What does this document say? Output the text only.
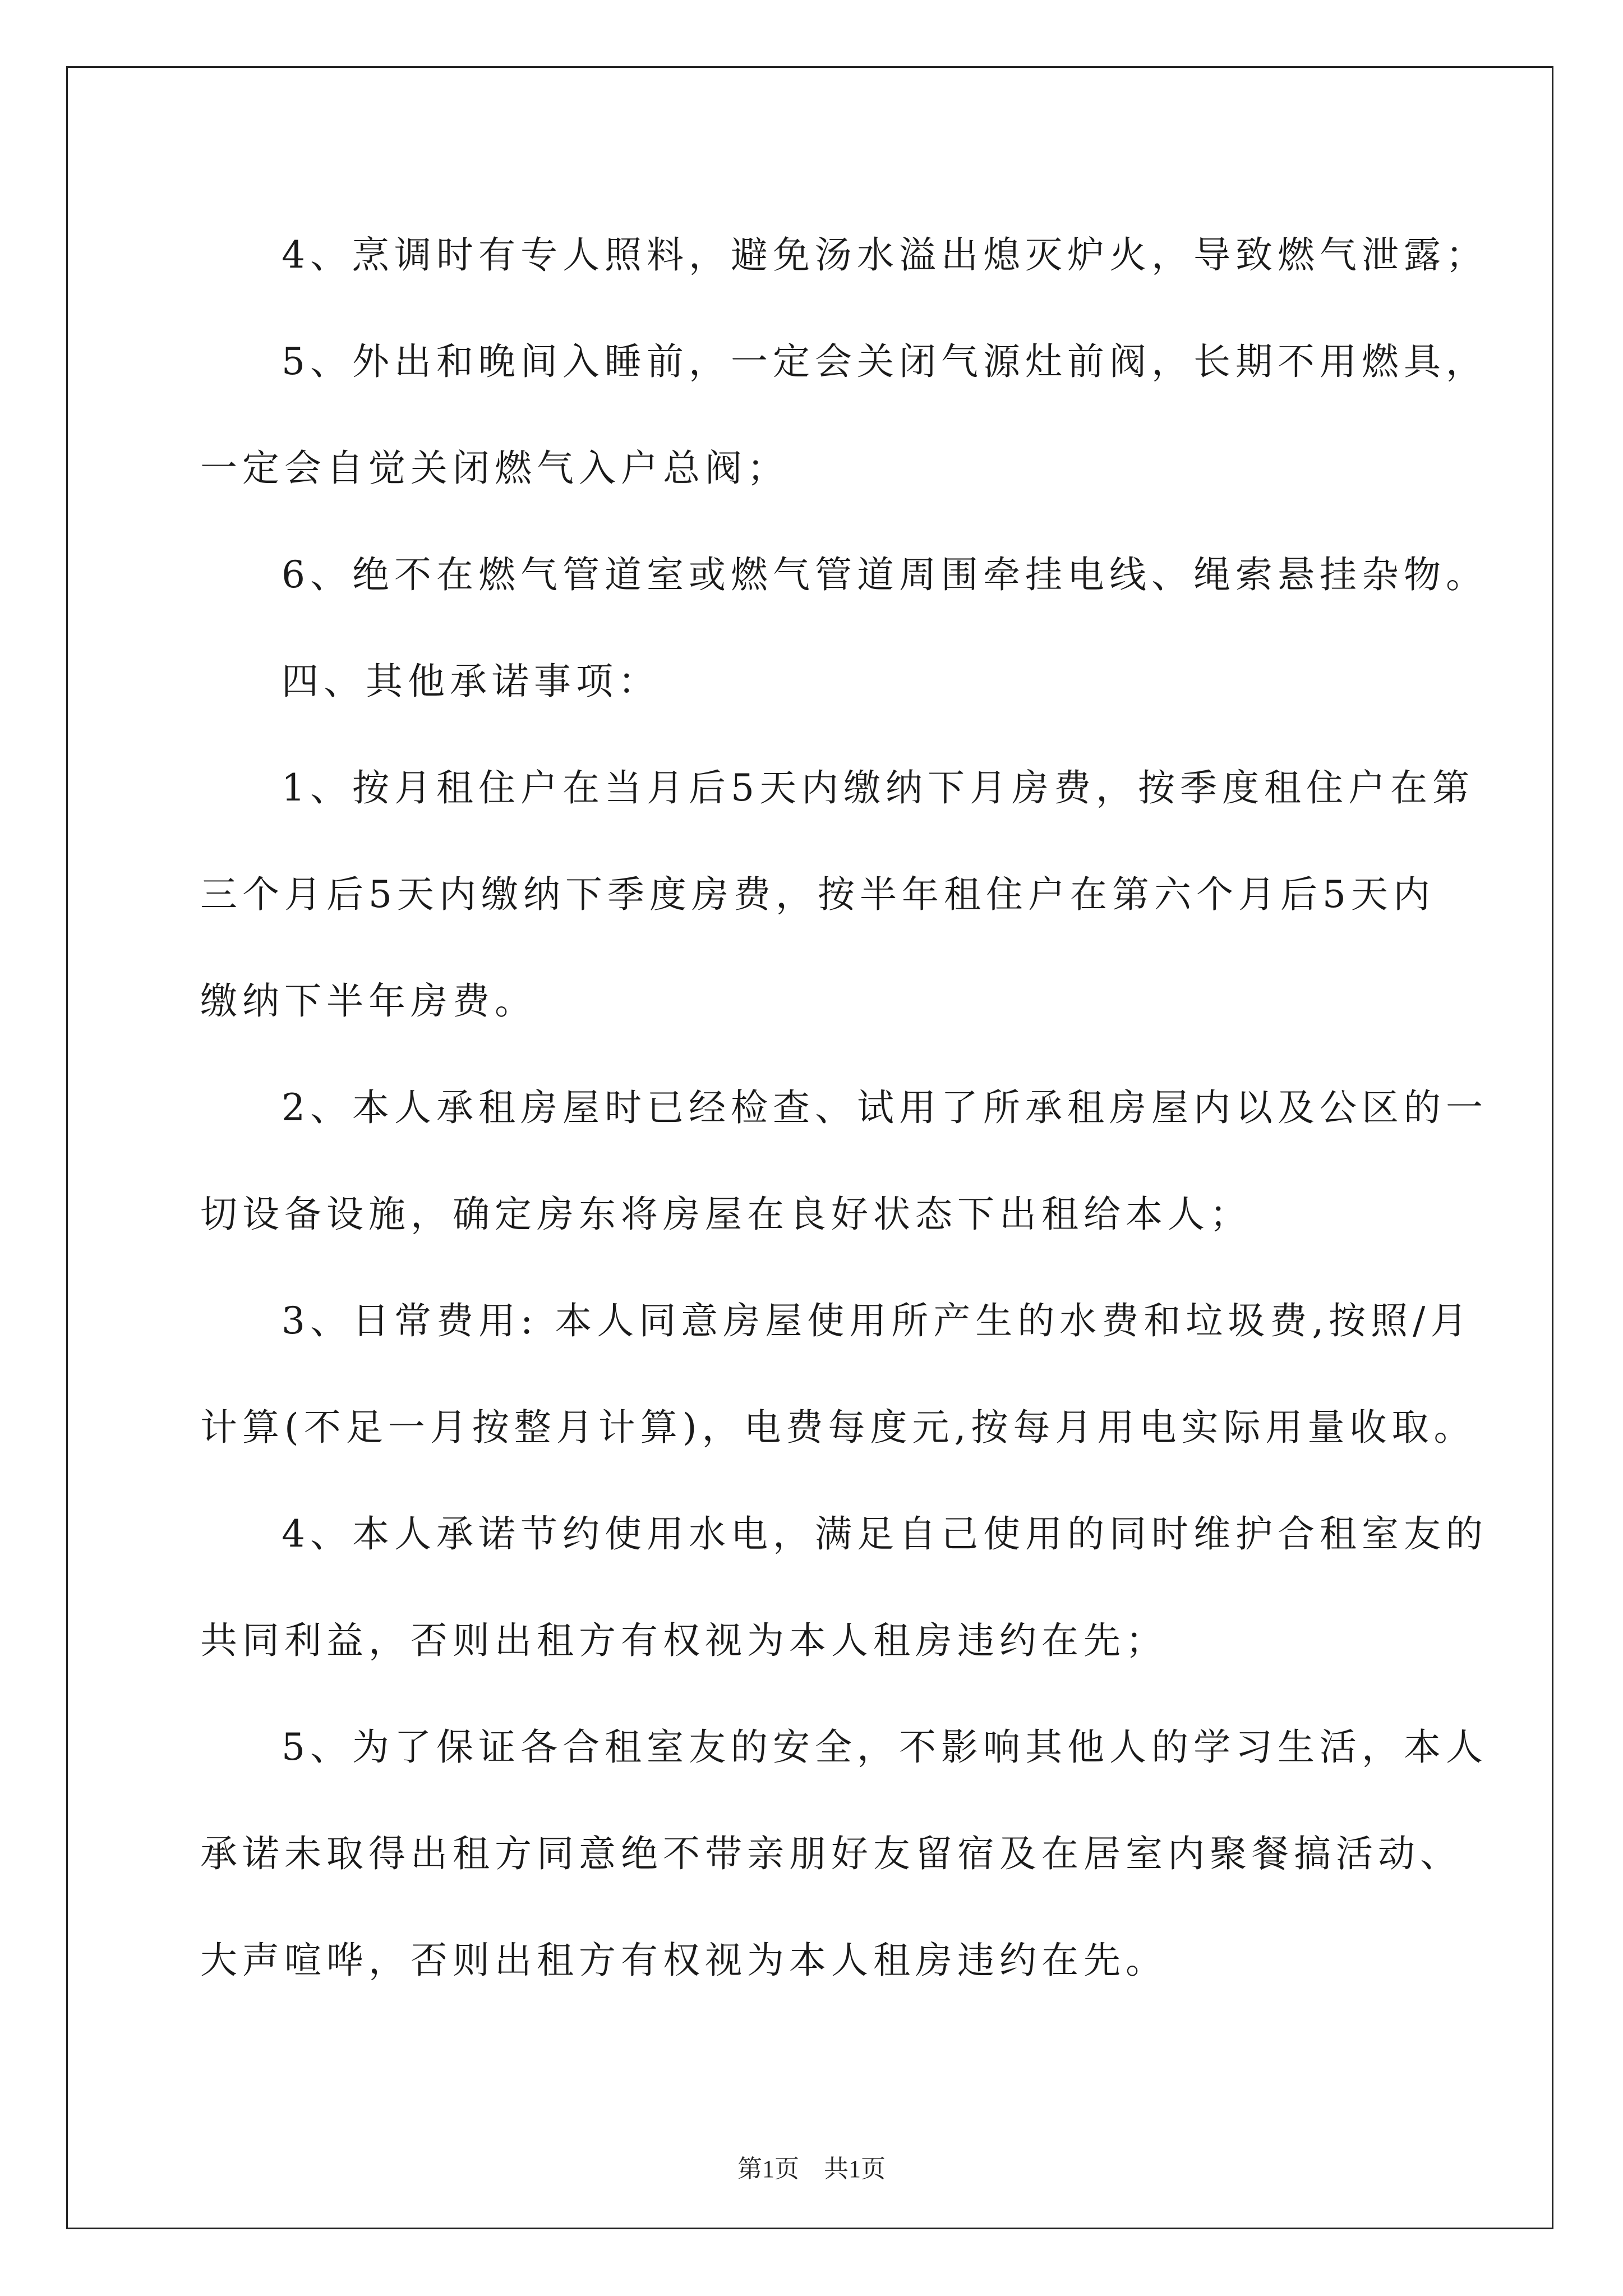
4、烹调时有专人照料，避免汤水溢出熄灭炉火，导致燃气泄露；
5、外出和晚间入睡前，一定会关闭气源灶前阀，长期不用燃具，
一定会自觉关闭燃气入户总阀；
6、绝不在燃气管道室或燃气管道周围牵挂电线、绳索悬挂杂物。
四、其他承诺事项：
1、按月租住户在当月后5天内缴纳下月房费，按季度租住户在第
三个月后5天内缴纳下季度房费，按半年租住户在第六个月后5天内
缴纳下半年房费。
2、本人承租房屋时已经检查、试用了所承租房屋内以及公区的一
切设备设施，确定房东将房屋在良好状态下出租给本人；
3、日常费用: 本人同意房屋使用所产生的水费和垃圾费,按照/月
计算(不足一月按整月计算)，电费每度元,按每月用电实际用量收取。
4、本人承诺节约使用水电，满足自己使用的同时维护合租室友的
共同利益，否则出租方有权视为本人租房违约在先；
5、为了保证各合租室友的安全，不影响其他人的学习生活，本人
承诺未取得出租方同意绝不带亲朋好友留宿及在居室内聚餐搞活动、
大声喧哗，否则出租方有权视为本人租房违约在先。
第1页　共1页
